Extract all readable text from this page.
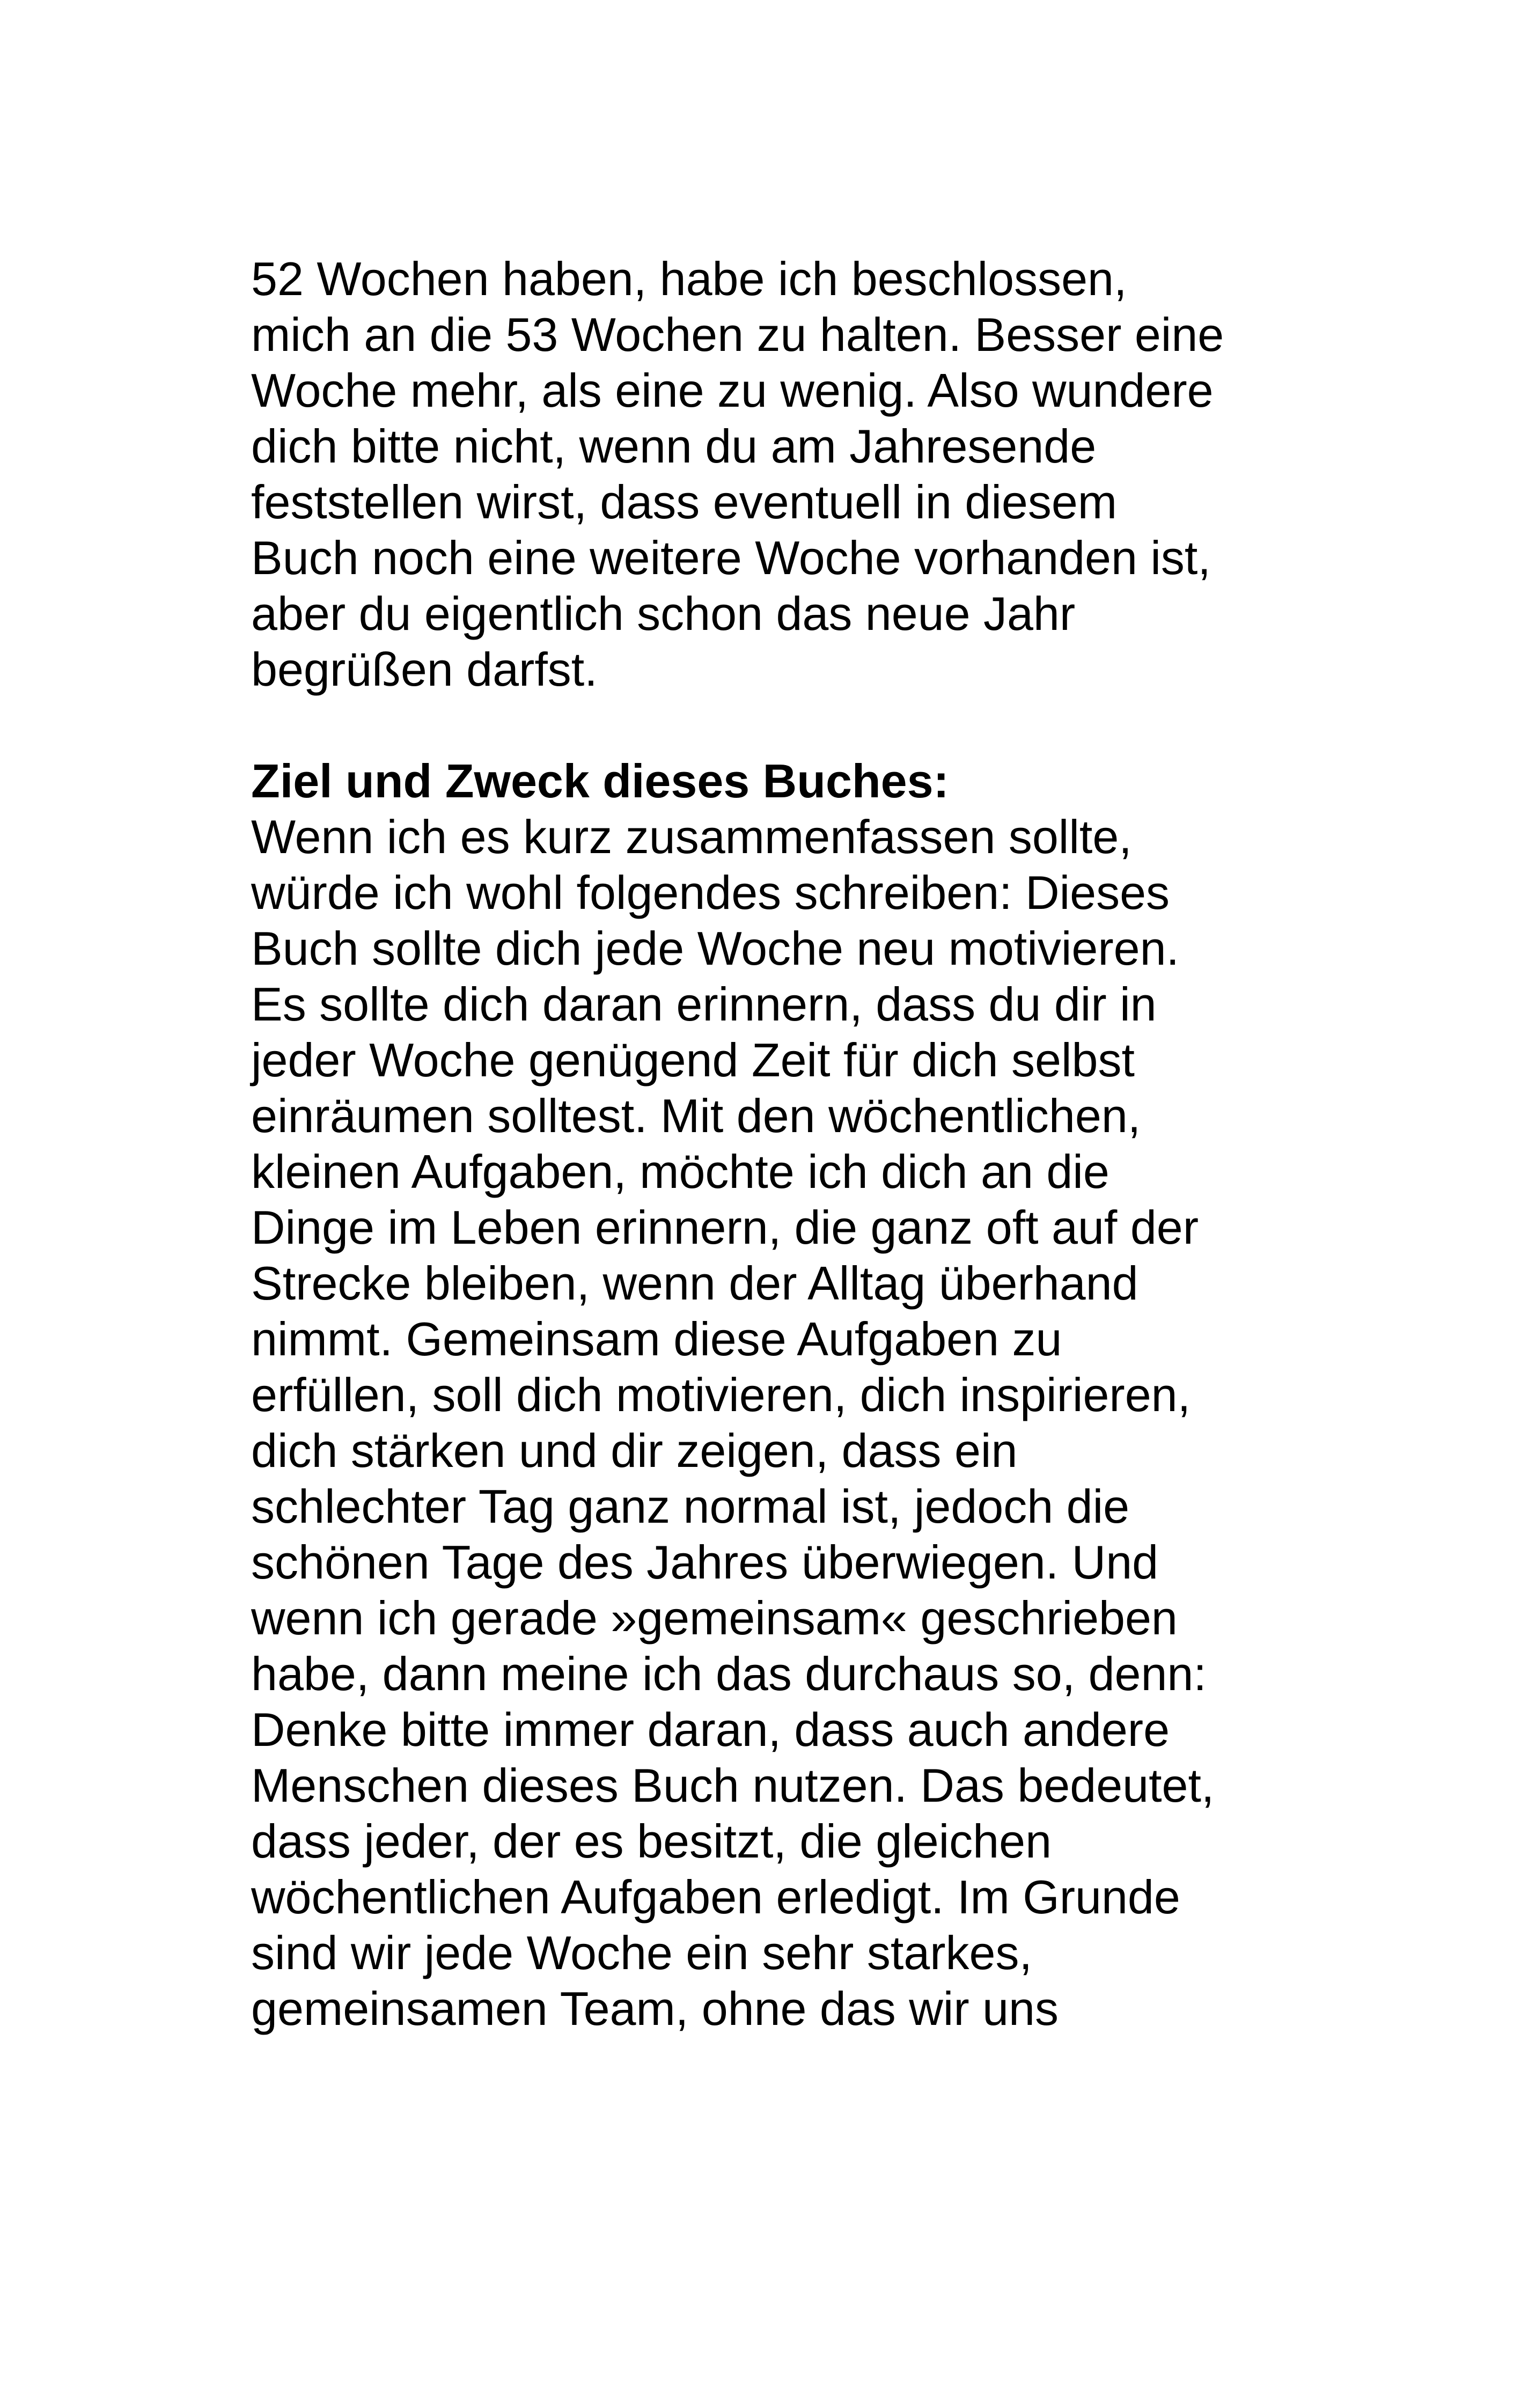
52 Wochen haben, habe ich beschlossen,
mich an die 53 Wochen zu halten. Besser eine
Woche mehr, als eine zu wenig. Also wundere
dich bitte nicht, wenn du am Jahresende
feststellen wirst, dass eventuell in diesem
Buch noch eine weitere Woche vorhanden ist,
aber du eigentlich schon das neue Jahr
begrüßen darfst.
Ziel und Zweck dieses Buches:
Wenn ich es kurz zusammenfassen sollte,
würde ich wohl folgendes schreiben: Dieses
Buch sollte dich jede Woche neu motivieren.
Es sollte dich daran erinnern, dass du dir in
jeder Woche genügend Zeit für dich selbst
einräumen solltest. Mit den wöchentlichen,
kleinen Aufgaben, möchte ich dich an die
Dinge im Leben erinnern, die ganz oft auf der
Strecke bleiben, wenn der Alltag überhand
nimmt. Gemeinsam diese Aufgaben zu
erfüllen, soll dich motivieren, dich inspirieren,
dich stärken und dir zeigen, dass ein
schlechter Tag ganz normal ist, jedoch die
schönen Tage des Jahres überwiegen. Und
wenn ich gerade »gemeinsam« geschrieben
habe, dann meine ich das durchaus so, denn:
Denke bitte immer daran, dass auch andere
Menschen dieses Buch nutzen. Das bedeutet,
dass jeder, der es besitzt, die gleichen
wöchentlichen Aufgaben erledigt. Im Grunde
sind wir jede Woche ein sehr starkes,
gemeinsamen Team, ohne das wir uns
